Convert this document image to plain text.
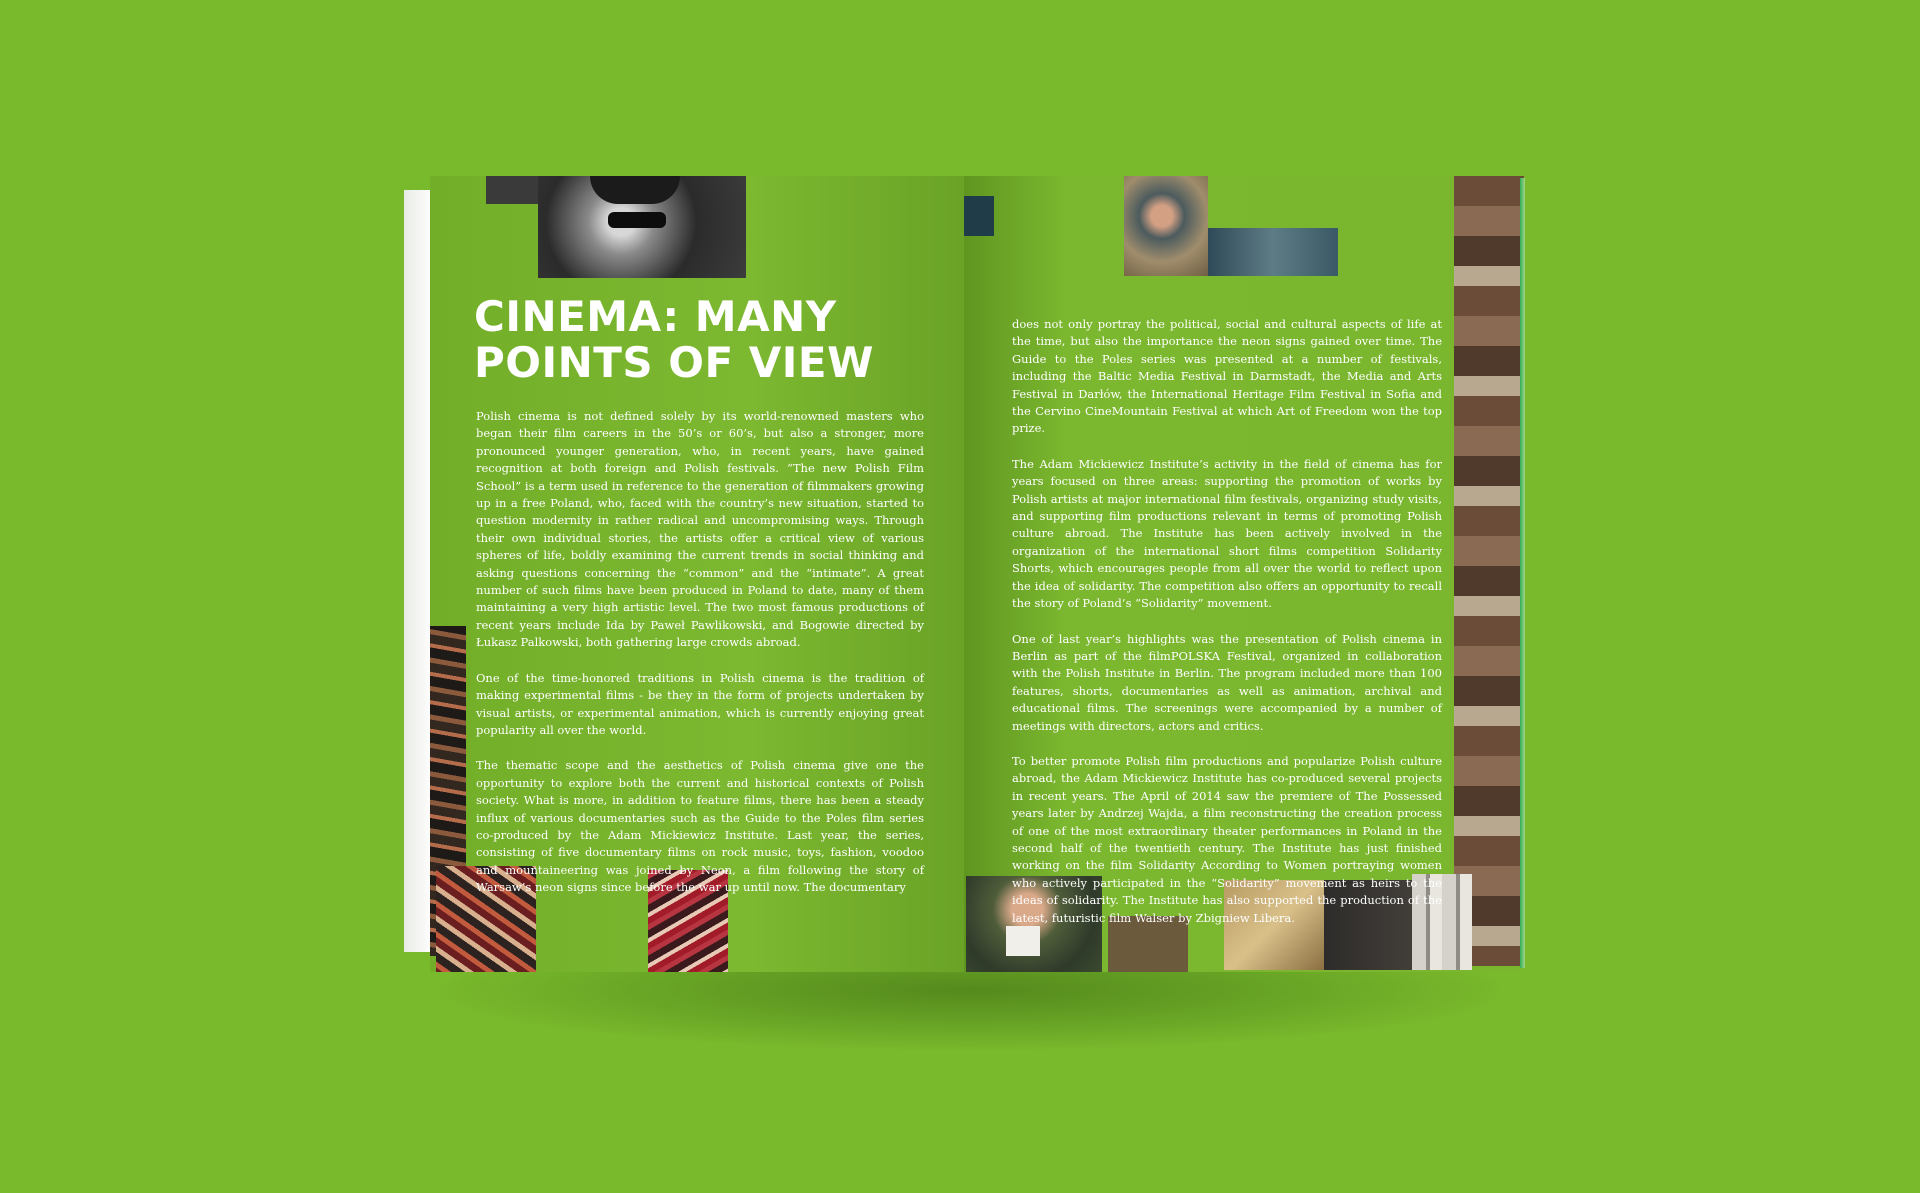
CINEMA: MANY
POINTS OF VIEW

Polish cinema is not defined solely by its world-renowned masters who began their film careers in the 50’s or 60’s, but also a stronger, more pronounced younger generation, who, in recent years, have gained recognition at both foreign and Polish festivals. “The new Polish Film School” is a term used in reference to the generation of filmmakers growing up in a free Poland, who, faced with the country’s new situation, started to question modernity in rather radical and uncompromising ways. Through their own individual stories, the artists offer a critical view of various spheres of life, boldly examining the current trends in social thinking and asking questions concerning the “common” and the “intimate”. A great number of such films have been produced in Poland to date, many of them maintaining a very high artistic level. The two most famous productions of recent years include Ida by Paweł Pawlikowski, and Bogowie directed by Łukasz Palkowski, both gathering large crowds abroad.

One of the time-honored traditions in Polish cinema is the tradition of making experimental films - be they in the form of projects undertaken by visual artists, or experimental animation, which is currently enjoying great popularity all over the world.

The thematic scope and the aesthetics of Polish cinema give one the opportunity to explore both the current and historical contexts of Polish society. What is more, in addition to feature films, there has been a steady influx of various documentaries such as the Guide to the Poles film series co-produced by the Adam Mickiewicz Institute. Last year, the series, consisting of five documentary films on rock music, toys, fashion, voodoo and mountaineering was joined by Neon, a film following the story of Warsaw’s neon signs since before the war up until now. The documentary

does not only portray the political, social and cultural aspects of life at the time, but also the importance the neon signs gained over time. The Guide to the Poles series was presented at a number of festivals, including the Baltic Media Festival in Darmstadt, the Media and Arts Festival in Darłów, the International Heritage Film Festival in Sofia and the Cervino CineMountain Festival at which Art of Freedom won the top prize.

The Adam Mickiewicz Institute’s activity in the field of cinema has for years focused on three areas: supporting the promotion of works by Polish artists at major international film festivals, organizing study visits, and supporting film productions relevant in terms of promoting Polish culture abroad. The Institute has been actively involved in the organization of the international short films competition Solidarity Shorts, which encourages people from all over the world to reflect upon the idea of solidarity. The competition also offers an opportunity to recall the story of Poland’s “Solidarity” movement.

One of last year’s highlights was the presentation of Polish cinema in Berlin as part of the filmPOLSKA Festival, organized in collaboration with the Polish Institute in Berlin. The program included more than 100 features, shorts, documentaries as well as animation, archival and educational films. The screenings were accompanied by a number of meetings with directors, actors and critics.

To better promote Polish film productions and popularize Polish culture abroad, the Adam Mickiewicz Institute has co-produced several projects in recent years. The April of 2014 saw the premiere of The Possessed years later by Andrzej Wajda, a film reconstructing the creation process of one of the most extraordinary theater performances in Poland in the second half of the twentieth century. The Institute has just finished working on the film Solidarity According to Women portraying women who actively participated in the “Solidarity” movement as heirs to the ideas of solidarity. The Institute has also supported the production of the latest, futuristic film Walser by Zbigniew Libera.
